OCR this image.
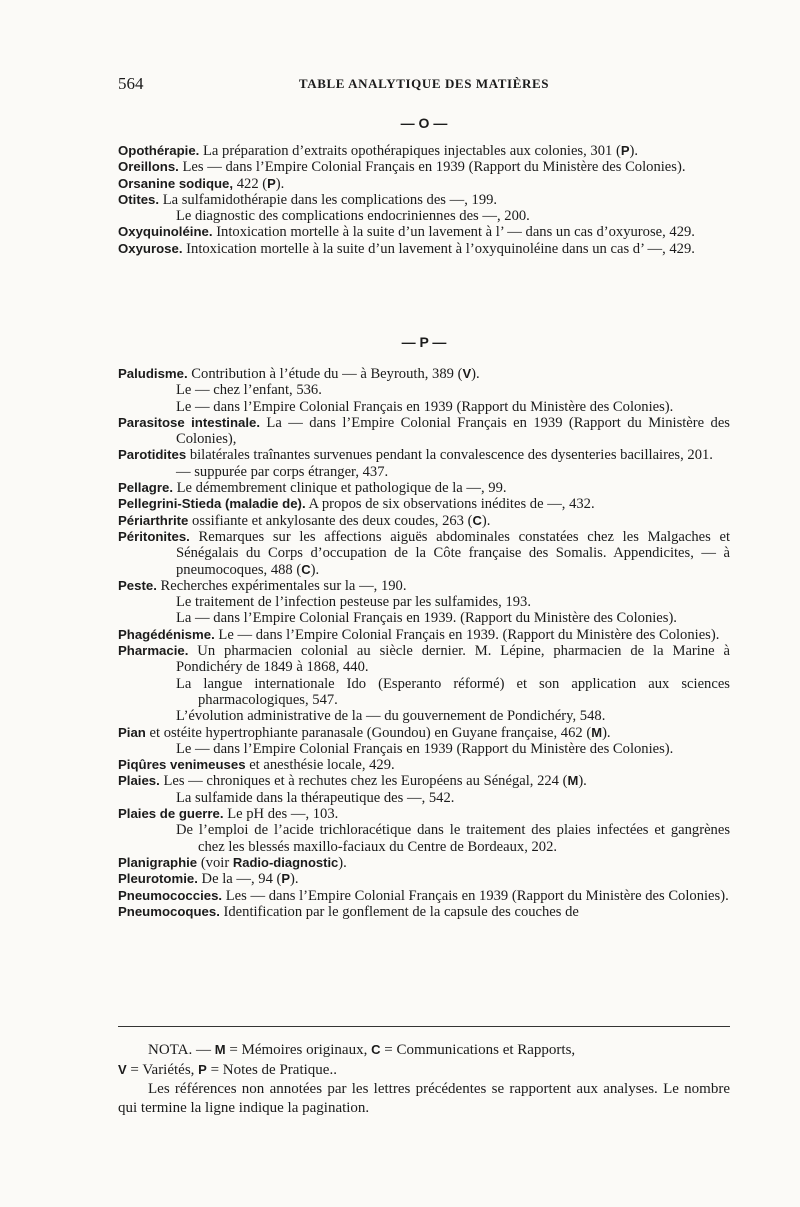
564	TABLE ANALYTIQUE DES MATIÈRES
— O —
Opothérapie. La préparation d’extraits opothérapiques injectables aux colonies, 301 (P).
Oreillons. Les — dans l’Empire Colonial Français en 1939 (Rapport du Ministère des Colonies).
Orsanine sodique, 422 (P).
Otites. La sulfamidothérapie dans les complications des —, 199.
Le diagnostic des complications endocriniennes des —, 200.
Oxyquinoléine. Intoxication mortelle à la suite d’un lavement à l’ — dans un cas d’oxyurose, 429.
Oxyurose. Intoxication mortelle à la suite d’un lavement à l’oxyquinoléine dans un cas d’ —, 429.
— P —
Paludisme. Contribution à l’étude du — à Beyrouth, 389 (V).
Le — chez l’enfant, 536.
Le — dans l’Empire Colonial Français en 1939 (Rapport du Ministère des Colonies).
Parasitose intestinale. La — dans l’Empire Colonial Français en 1939 (Rapport du Ministère des Colonies),
Parotidites bilatérales traînantes survenues pendant la convalescence des dysenteries bacillaires, 201.
— suppurée par corps étranger, 437.
Pellagre. Le démembrement clinique et pathologique de la —, 99.
Pellegrini-Stieda (maladie de). A propos de six observations inédites de —, 432.
Périarthrite ossifiante et ankylosante des deux coudes, 263 (C).
Péritonites. Remarques sur les affections aiguës abdominales constatées chez les Malgaches et Sénégalais du Corps d’occupation de la Côte française des Somalis. Appendicites, — à pneumocoques, 488 (C).
Peste. Recherches expérimentales sur la —, 190.
Le traitement de l’infection pesteuse par les sulfamides, 193.
La — dans l’Empire Colonial Français en 1939. (Rapport du Ministère des Colonies).
Phagédénisme. Le — dans l’Empire Colonial Français en 1939. (Rapport du Ministère des Colonies).
Pharmacie. Un pharmacien colonial au siècle dernier. M. Lépine, pharmacien de la Marine à Pondichéry de 1849 à 1868, 440.
La langue internationale Ido (Esperanto réformé) et son application aux sciences pharmacologiques, 547.
L’évolution administrative de la — du gouvernement de Pondichéry, 548.
Pian et ostéite hypertrophiante paranasale (Goundou) en Guyane française, 462 (M).
Le — dans l’Empire Colonial Français en 1939 (Rapport du Ministère des Colonies).
Piqûres venimeuses et anesthésie locale, 429.
Plaies. Les — chroniques et à rechutes chez les Européens au Sénégal, 224 (M).
La sulfamide dans la thérapeutique des —, 542.
Plaies de guerre. Le pH des —, 103.
De l’emploi de l’acide trichloracétique dans le traitement des plaies infectées et gangrènes chez les blessés maxillo-faciaux du Centre de Bordeaux, 202.
Planigraphie (voir Radio-diagnostic).
Pleurotomie. De la —, 94 (P).
Pneumococcies. Les — dans l’Empire Colonial Français en 1939 (Rapport du Ministère des Colonies).
Pneumocoques. Identification par le gonflement de la capsule des couches de

NOTA. — M = Mémoires originaux, C = Communications et Rapports,

V = Variétés, P = Notes de Pratique..

Les références non annotées par les lettres précédentes se rapportent aux analyses. Le nombre qui termine la ligne indique la pagination.
